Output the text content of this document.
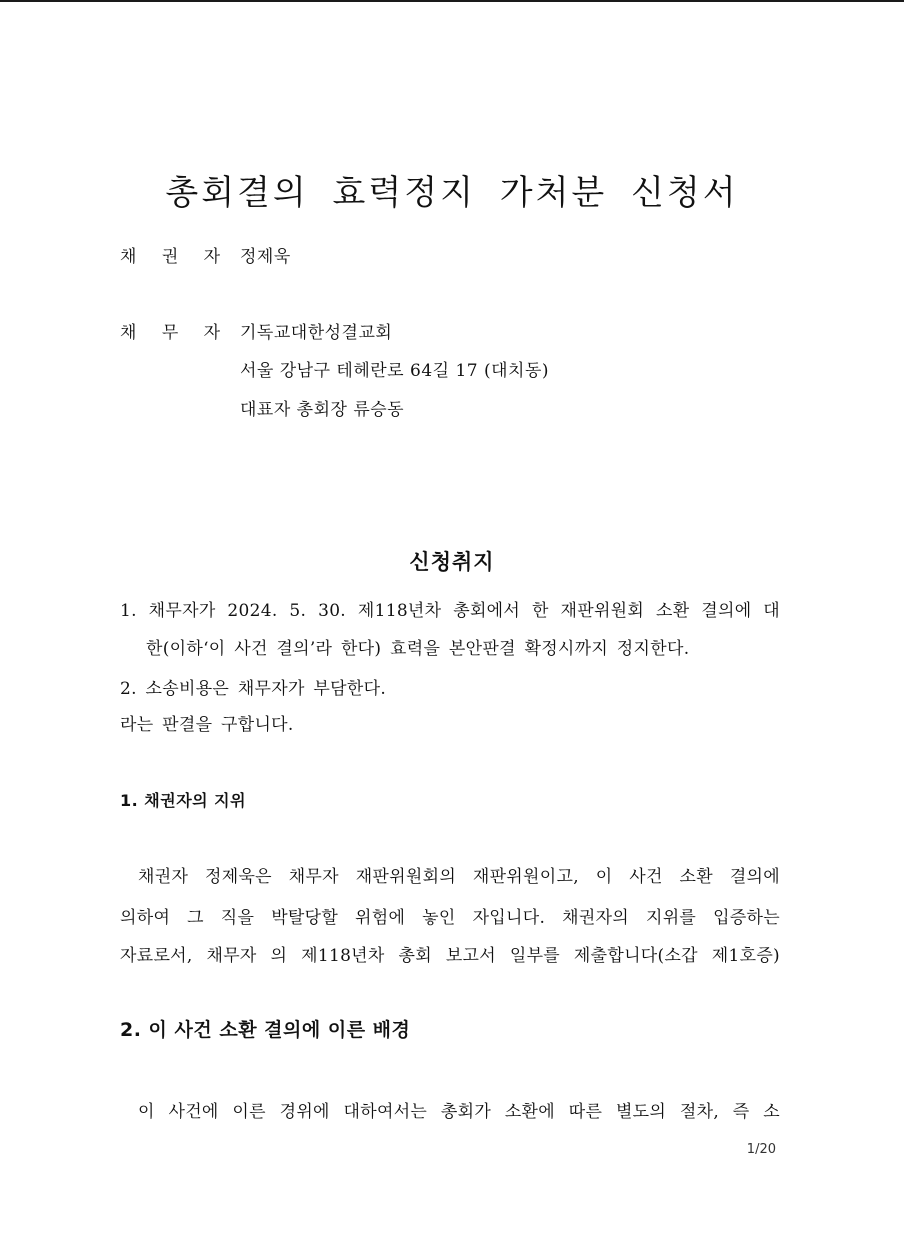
총회결의 효력정지 가처분 신청서
채 권 자 정제욱
채 무 자 기독교대한성결교회
서울 강남구 테헤란로 64길 17 (대치동)
대표자 총회장 류승동
신청취지
1. 채무자가 2024. 5. 30. 제118년차 총회에서 한 재판위원회 소환 결의에 대
한(이하‘이 사건 결의’라 한다) 효력을 본안판결 확정시까지 정지한다.
2. 소송비용은 채무자가 부담한다.
라는 판결을 구합니다.
1. 채권자의 지위
채권자 정제욱은 채무자 재판위원회의 재판위원이고, 이 사건 소환 결의에
의하여 그 직을 박탈당할 위험에 놓인 자입니다. 채권자의 지위를 입증하는
자료로서, 채무자 의 제118년차 총회 보고서 일부를 제출합니다(소갑 제1호증)
2. 이 사건 소환 결의에 이른 배경
이 사건에 이른 경위에 대하여서는 총회가 소환에 따른 별도의 절차, 즉 소
1/20
